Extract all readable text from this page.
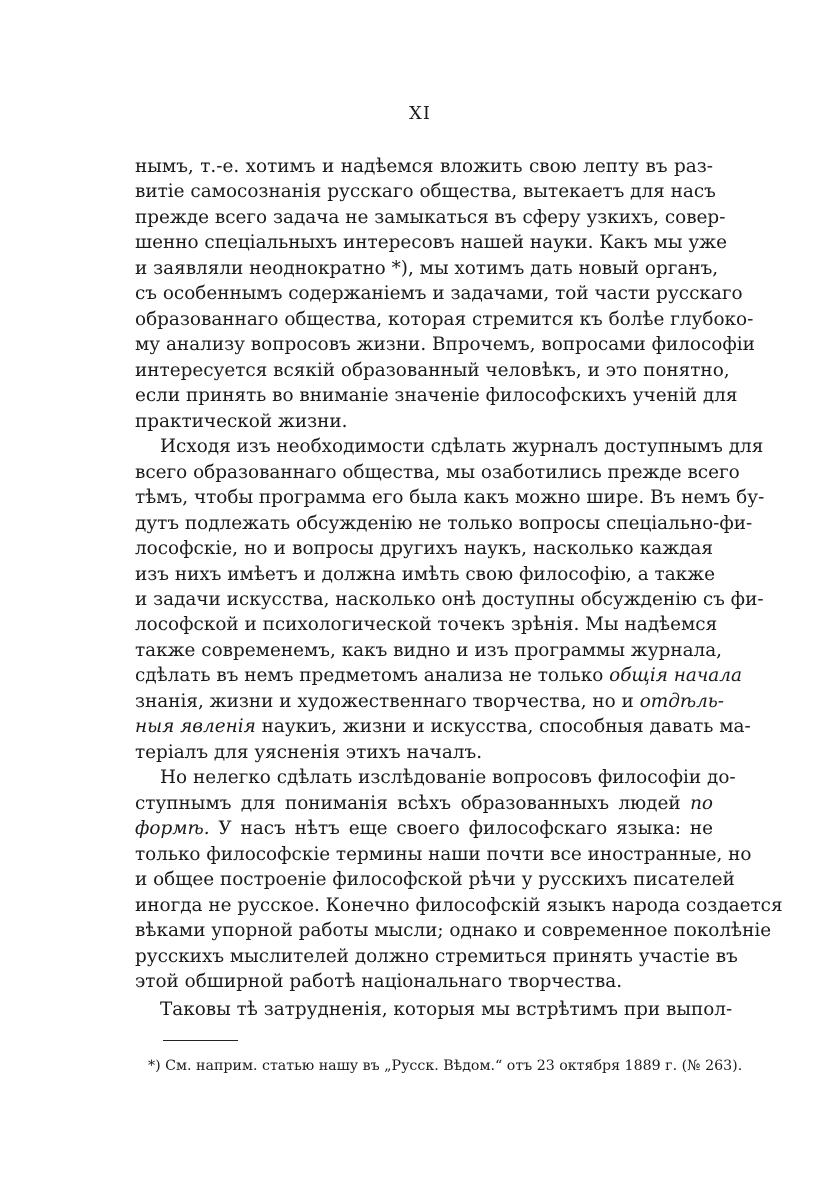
XI
нымъ, т.-е. хотимъ и надѣемся вложить свою лепту въ раз-
витіе самосознанія русскаго общества, вытекаетъ для насъ
прежде всего задача не замыкаться въ сферу узкихъ, совер-
шенно спеціальныхъ интересовъ нашей науки. Какъ мы уже
и заявляли неоднократно *), мы хотимъ дать новый органъ,
съ особеннымъ содержаніемъ и задачами, той части русскаго
образованнаго общества, которая стремится къ болѣе глубоко-
му анализу вопросовъ жизни. Впрочемъ, вопросами философіи
интересуется всякій образованный человѣкъ, и это понятно,
если принять во вниманіе значеніе философскихъ ученій для
практической жизни.
Исходя изъ необходимости сдѣлать журналъ доступнымъ для
всего образованнаго общества, мы озаботились прежде всего
тѣмъ, чтобы программа его была какъ можно шире. Въ немъ бу-
дутъ подлежать обсужденію не только вопросы спеціально-фи-
лософскіе, но и вопросы другихъ наукъ, насколько каждая
изъ нихъ имѣетъ и должна имѣть свою философію, а также
и задачи искусства, насколько онѣ доступны обсужденію съ фи-
лософской и психологической точекъ зрѣнія. Мы надѣемся
также современемъ, какъ видно и изъ программы журнала,
сдѣлать въ немъ предметомъ анализа не только общія начала
знанія, жизни и художественнаго творчества, но и отдѣль-
ныя явленія наукиъ, жизни и искусства, способныя давать ма-
теріалъ для уясненія этихъ началъ.
Но нелегко сдѣлать изслѣдованіе вопросовъ философіи до-
ступнымъ для пониманія всѣхъ образованныхъ людей по
формѣ. У насъ нѣтъ еще своего философскаго языка: не
только философскіе термины наши почти все иностранные, но
и общее построеніе философской рѣчи у русскихъ писателей
иногда не русское. Конечно философскій языкъ народа создается
вѣками упорной работы мысли; однако и современное поколѣніе
русскихъ мыслителей должно стремиться принять участіе въ
этой обширной работѣ національнаго творчества.
*) См. наприм. статью нашу въ „Русск. Вѣдом.“ отъ 23 октября 1889 г. (№ 263).
Таковы тѣ затрудненія, которыя мы встрѣтимъ при выпол-
